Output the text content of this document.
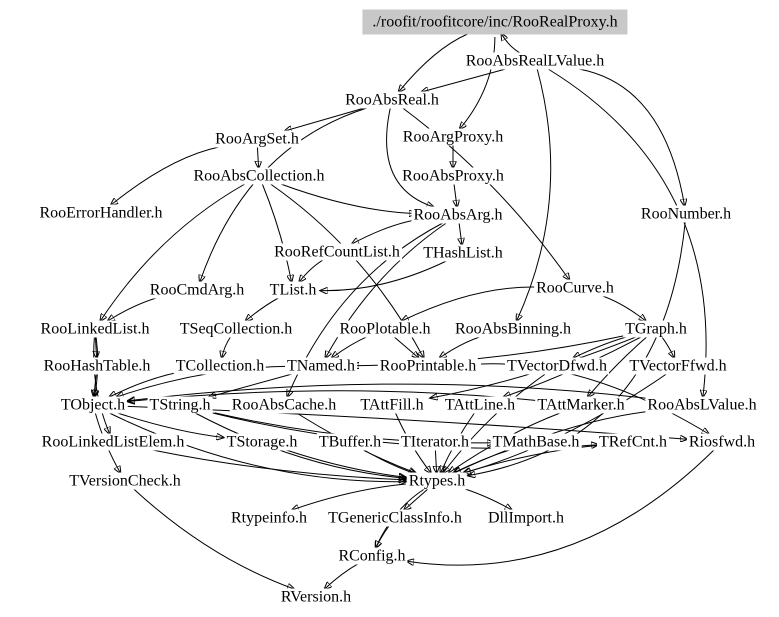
./roofit/roofitcore/inc/RooRealProxy.h
RooAbsRealLValue.h
RooAbsReal.h
RooArgSet.h	RooArgProxy.h
RooAbsCollection.h	RooAbsProxy.h
RooErrorHandler.h	RooAbsArg.h	RooNumber.h
RooRefCountList.h THashList.h
RooCmdArg.h TList.h	RooCurve.h
RooLinkedList.h TSeqCollection.h	RooPlotable.h RooAbsBinning.h	TGraph.h
RooHashTable.h TCollection.h TNamed.h RooPrintable.h TVectorDfwd.h TVectorFfwd.h
TObject.h TString.h RooAbsCache.h TAttFill.h TAttLine.h TAttMarker.h RooAbsLValue.h
RooLinkedListElem.h	TStorage.h TBuffer.h TIterator.h TMathBase.h TRefCnt.h Riosfwd.h
TVersionCheck.h	Rtypes.h
Rtypeinfo.h TGenericClassInfo.h DllImport.h
RConfig.h
RVersion.h
